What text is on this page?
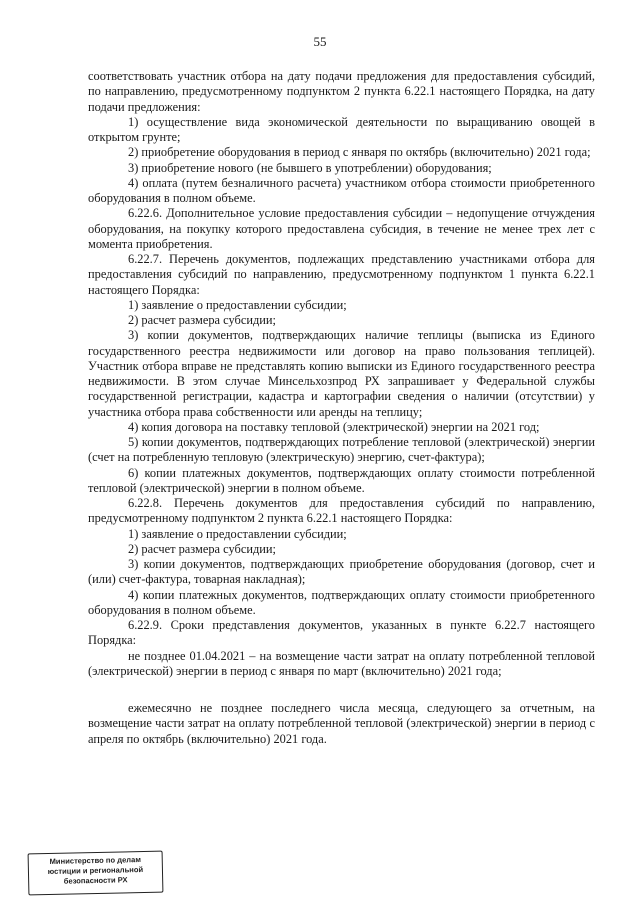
55

соответствовать участник отбора на дату подачи предложения для предоставления субсидий, по направлению, предусмотренному подпунктом 2 пункта 6.22.1 настоящего Порядка, на дату подачи предложения:

1) осуществление вида экономической деятельности по выращиванию овощей в открытом грунте;

2) приобретение оборудования в период с января по октябрь (включительно) 2021 года;

3) приобретение нового (не бывшего в употреблении) оборудования;

4) оплата (путем безналичного расчета) участником отбора стоимости приобретенного оборудования в полном объеме.

6.22.6. Дополнительное условие предоставления субсидии – недопущение отчуждения оборудования, на покупку которого предоставлена субсидия, в течение не менее трех лет с момента приобретения.

6.22.7. Перечень документов, подлежащих представлению участниками отбора для предоставления субсидий по направлению, предусмотренному подпунктом 1 пункта 6.22.1 настоящего Порядка:

1) заявление о предоставлении субсидии;

2) расчет размера субсидии;

3) копии документов, подтверждающих наличие теплицы (выписка из Единого государственного реестра недвижимости или договор на право пользования теплицей). Участник отбора вправе не представлять копию выписки из Единого государственного реестра недвижимости. В этом случае Минсельхозпрод РХ запрашивает у Федеральной службы государственной регистрации, кадастра и картографии сведения о наличии (отсутствии) у участника отбора права собственности или аренды на теплицу;

4) копия договора на поставку тепловой (электрической) энергии на 2021 год;

5) копии документов, подтверждающих потребление тепловой (электрической) энергии (счет на потребленную тепловую (электрическую) энергию, счет-фактура);

6) копии платежных документов, подтверждающих оплату стоимости потребленной тепловой (электрической) энергии в полном объеме.

6.22.8. Перечень документов для предоставления субсидий по направлению, предусмотренному подпунктом 2 пункта 6.22.1 настоящего Порядка:

1) заявление о предоставлении субсидии;

2) расчет размера субсидии;

3) копии документов, подтверждающих приобретение оборудования (договор, счет и (или) счет-фактура, товарная накладная);

4) копии платежных документов, подтверждающих оплату стоимости приобретенного оборудования в полном объеме.

6.22.9. Сроки представления документов, указанных в пункте 6.22.7 настоящего Порядка:

не позднее 01.04.2021 – на возмещение части затрат на оплату потребленной тепловой (электрической) энергии в период с января по март (включительно) 2021 года;

ежемесячно не позднее последнего числа месяца, следующего за отчетным, на возмещение части затрат на оплату потребленной тепловой (электрической) энергии в период с апреля по октябрь (включительно) 2021 года.

Министерство по делам
юстиции и региональной
безопасности РХ
